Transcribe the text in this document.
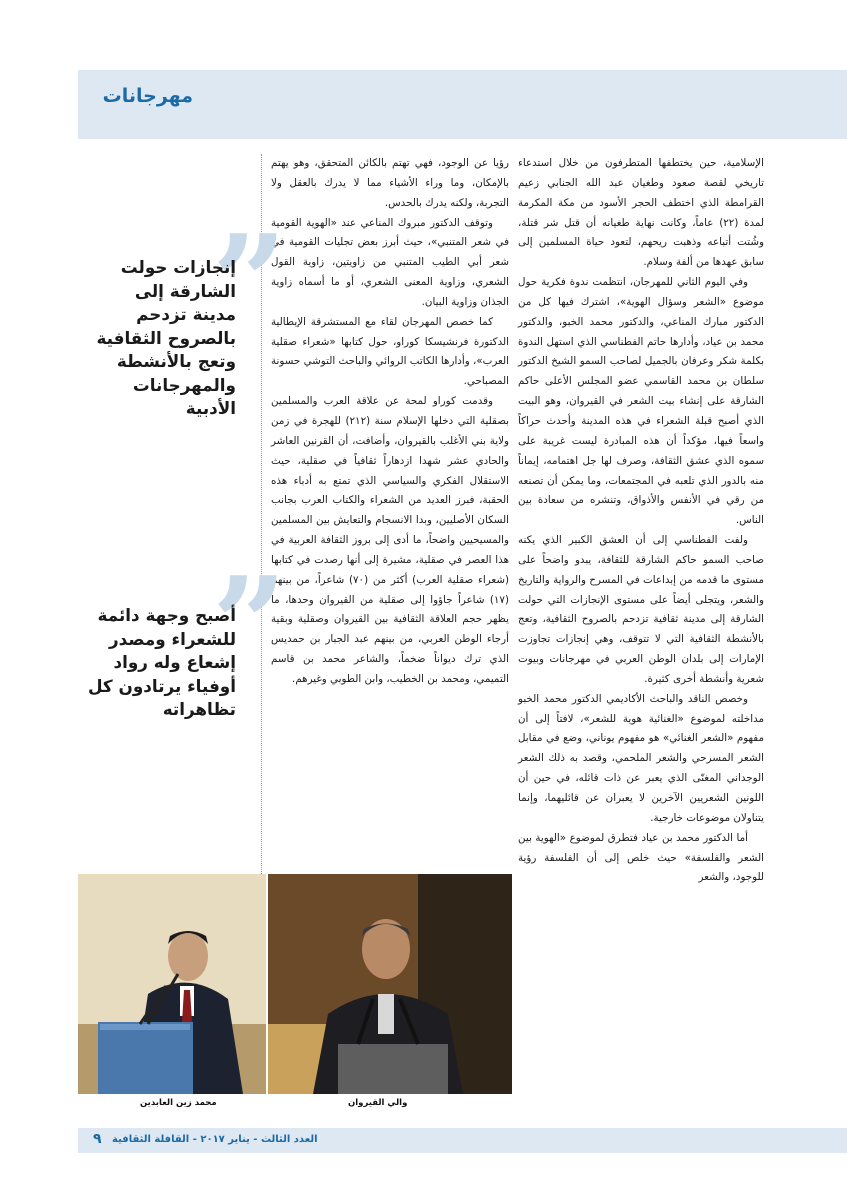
مهرجانات

الإسلامية، حين يختطفها المتطرفون من خلال استدعاء تاريخي لقصة صعود وطغيان عبد الله الجنابي زعيم القرامطة الذي اختطف الحجر الأسود من مكة المكرمة لمدة (٢٢) عاماً، وكانت نهاية طغيانه أن قتل شر قتلة، وشُتت أتباعه وذهبت ريحهم، لتعود حياة المسلمين إلى سابق عهدها من ألفة وسلام.

وفي اليوم الثاني للمهرجان، انتظمت ندوة فكرية حول موضوع «الشعر وسؤال الهوية»، اشترك فيها كل من الدكتور مبارك المناعي، والدكتور محمد الخبو، والدكتور محمد بن عياد، وأدارها حاتم الفطناسي الذي استهل الندوة بكلمة شكر وعرفان بالجميل لصاحب السمو الشيخ الدكتور سلطان بن محمد القاسمي عضو المجلس الأعلى حاكم الشارقة على إنشاء بيت الشعر في القيروان، وهو البيت الذي أصبح قبلة الشعراء في هذه المدينة وأحدث حراكاً واسعاً فيها، مؤكداً أن هذه المبادرة ليست غريبة على سموه الذي عشق الثقافة، وصرف لها جل اهتمامه، إيماناً منه بالدور الذي تلعبه في المجتمعات، وما يمكن أن تصنعه من رقي في الأنفس والأذواق، وتنشره من سعادة بين الناس.

ولفت الفطناسي إلى أن العشق الكبير الذي يكنه صاحب السمو حاكم الشارقة للثقافة، يبدو واضحاً على مستوى ما قدمه من إبداعات في المسرح والرواية والتاريخ والشعر، ويتجلى أيضاً على مستوى الإنجازات التي حولت الشارقة إلى مدينة ثقافية تزدحم بالصروح الثقافية، وتعج بالأنشطة الثقافية التي لا تتوقف، وهي إنجازات تجاوزت الإمارات إلى بلدان الوطن العربي في مهرجانات وبيوت شعرية وأنشطة أخرى كثيرة.

وخصص الناقد والباحث الأكاديمي الدكتور محمد الخبو مداخلته لموضوع «الغنائية هوية للشعر»، لافتاً إلى أن مفهوم «الشعر الغنائي» هو مفهوم يوناني، وضع في مقابل الشعر المسرحي والشعر الملحمي، وقصد به ذلك الشعر الوجداني المغنّى الذي يعبر عن ذات قائله، في حين أن اللونين الشعريين الآخرين لا يعبران عن قائليهما، وإنما يتناولان موضوعات خارجية.

أما الدكتور محمد بن عياد فتطرق لموضوع «الهوية بين الشعر والفلسفة» حيث خلص إلى أن الفلسفة رؤية للوجود، والشعر

رؤيا عن الوجود، فهي تهتم بالكائن المتحقق، وهو يهتم بالإمكان، وما وراء الأشياء مما لا يدرك بالعقل ولا التجربة، ولكنه يدرك بالحدس.

وتوقف الدكتور مبروك المناعي عند «الهوية القومية في شعر المتنبي»، حيث أبرز بعض تجليات القومية في شعر أبي الطيب المتنبي من زاويتين، زاوية القول الشعري، وزاوية المعنى الشعري، أو ما أسماه زاوية الجذان وزاوية البيان.

كما خصص المهرجان لقاء مع المستشرقة الإيطالية الدكتورة فرنشيسكا كوراو، حول كتابها «شعراء صقلية العرب»، وأدارها الكاتب الروائي والباحث التوشي حسونة المصباحي.

وقدمت كوراو لمحة عن علاقة العرب والمسلمين بصقلية التي دخلها الإسلام سنة (٢١٢) للهجرة في زمن ولاية بني الأغلب بالقيروان، وأضافت، أن القرنين العاشر والحادي عشر شهدا ازدهاراً ثقافياً في صقلية، حيث الاستقلال الفكري والسياسي الذي تمتع به أدباء هذه الحقبة، فبرز العديد من الشعراء والكتاب العرب بجانب السكان الأصليين، وبدا الانسجام والتعايش بين المسلمين والمسيحيين واضحاً، ما أدى إلى بروز الثقافة العربية في هذا العصر في صقلية، مشيرة إلى أنها رصدت في كتابها (شعراء صقلية العرب) أكثر من (٧٠) شاعراً، من بينهم (١٧) شاعراً جاؤوا إلى صقلية من القيروان وحدها، ما يظهر حجم العلاقة الثقافية بين القيروان وصقلية وبقية أرجاء الوطن العربي، من بينهم عبد الجبار بن حمديس الذي ترك ديواناً ضخماً، والشاعر محمد بن قاسم التميمي، ومحمد بن الخطيب، وابن الطوبي وغيرهم.

”
إنجازات حولت الشارقة إلى مدينة تزدحم بالصروح الثقافية وتعج بالأنشطة والمهرجانات الأدبية
”
أصبح وجهة دائمة للشعراء ومصدر إشعاع وله رواد أوفياء يرتادون كل تظاهراته
محمد زين العابدين	والي القيروان
٩	العدد الثالث - يناير ٢٠١٧ - القافلة الثقافية
